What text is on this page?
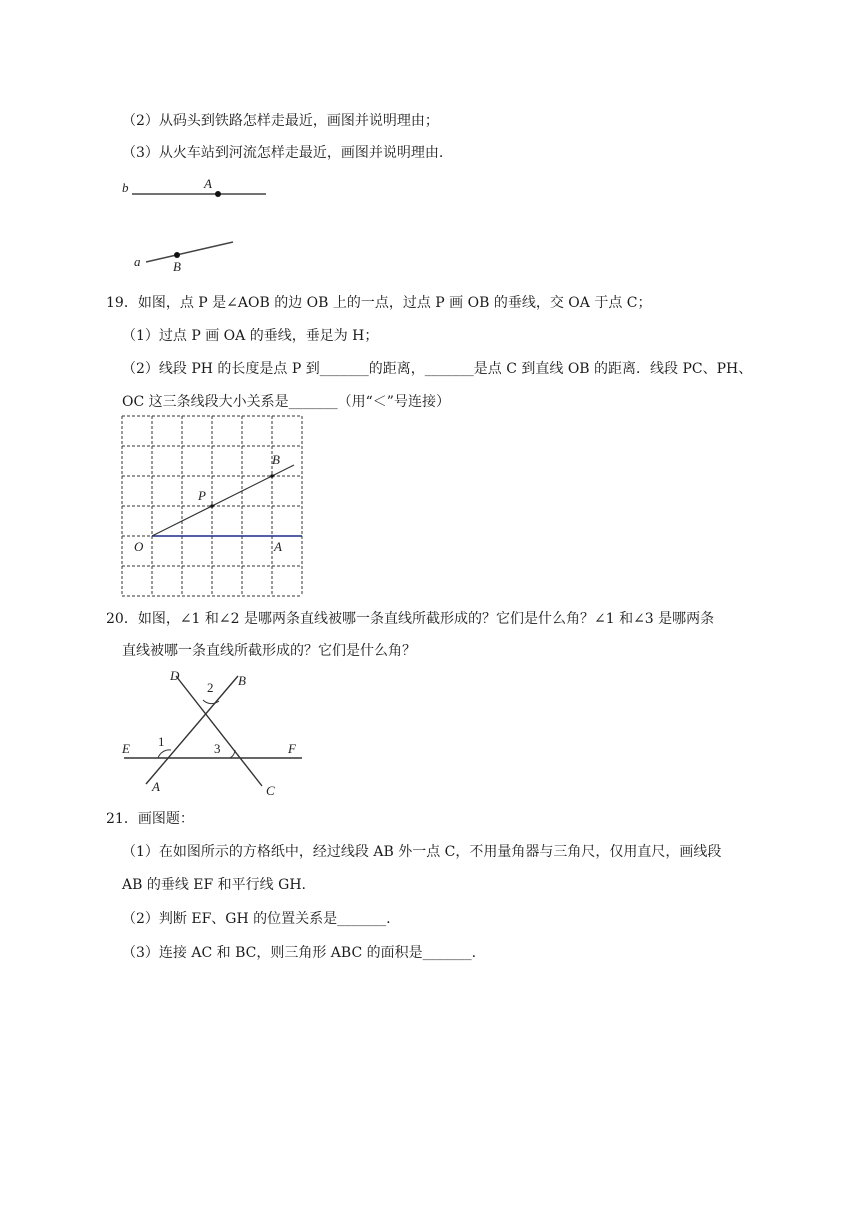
（2）从码头到铁路怎样走最近，画图并说明理由；
（3）从火车站到河流怎样走最近，画图并说明理由.
b	A
a	B
19．如图，点 P 是∠AOB 的边 OB 上的一点，过点 P 画 OB 的垂线，交 OA 于点 C；
（1）过点 P 画 OA 的垂线，垂足为 H；
（2）线段 PH 的长度是点 P 到_______的距离，_______是点 C 到直线 OB 的距离．线段 PC、PH、
OC 这三条线段大小关系是_______（用“＜”号连接）
B
P
O	A
20．如图，∠1 和∠2 是哪两条直线被哪一条直线所截形成的？它们是什么角？∠1 和∠3 是哪两条
直线被哪一条直线所截形成的？它们是什么角？
D	B
E	F
A	C
1
2
3
21．画图题：
（1）在如图所示的方格纸中，经过线段 AB 外一点 C，不用量角器与三角尺，仅用直尺，画线段
AB 的垂线 EF 和平行线 GH.
（2）判断 EF、GH 的位置关系是_______.
（3）连接 AC 和 BC，则三角形 ABC 的面积是_______.
